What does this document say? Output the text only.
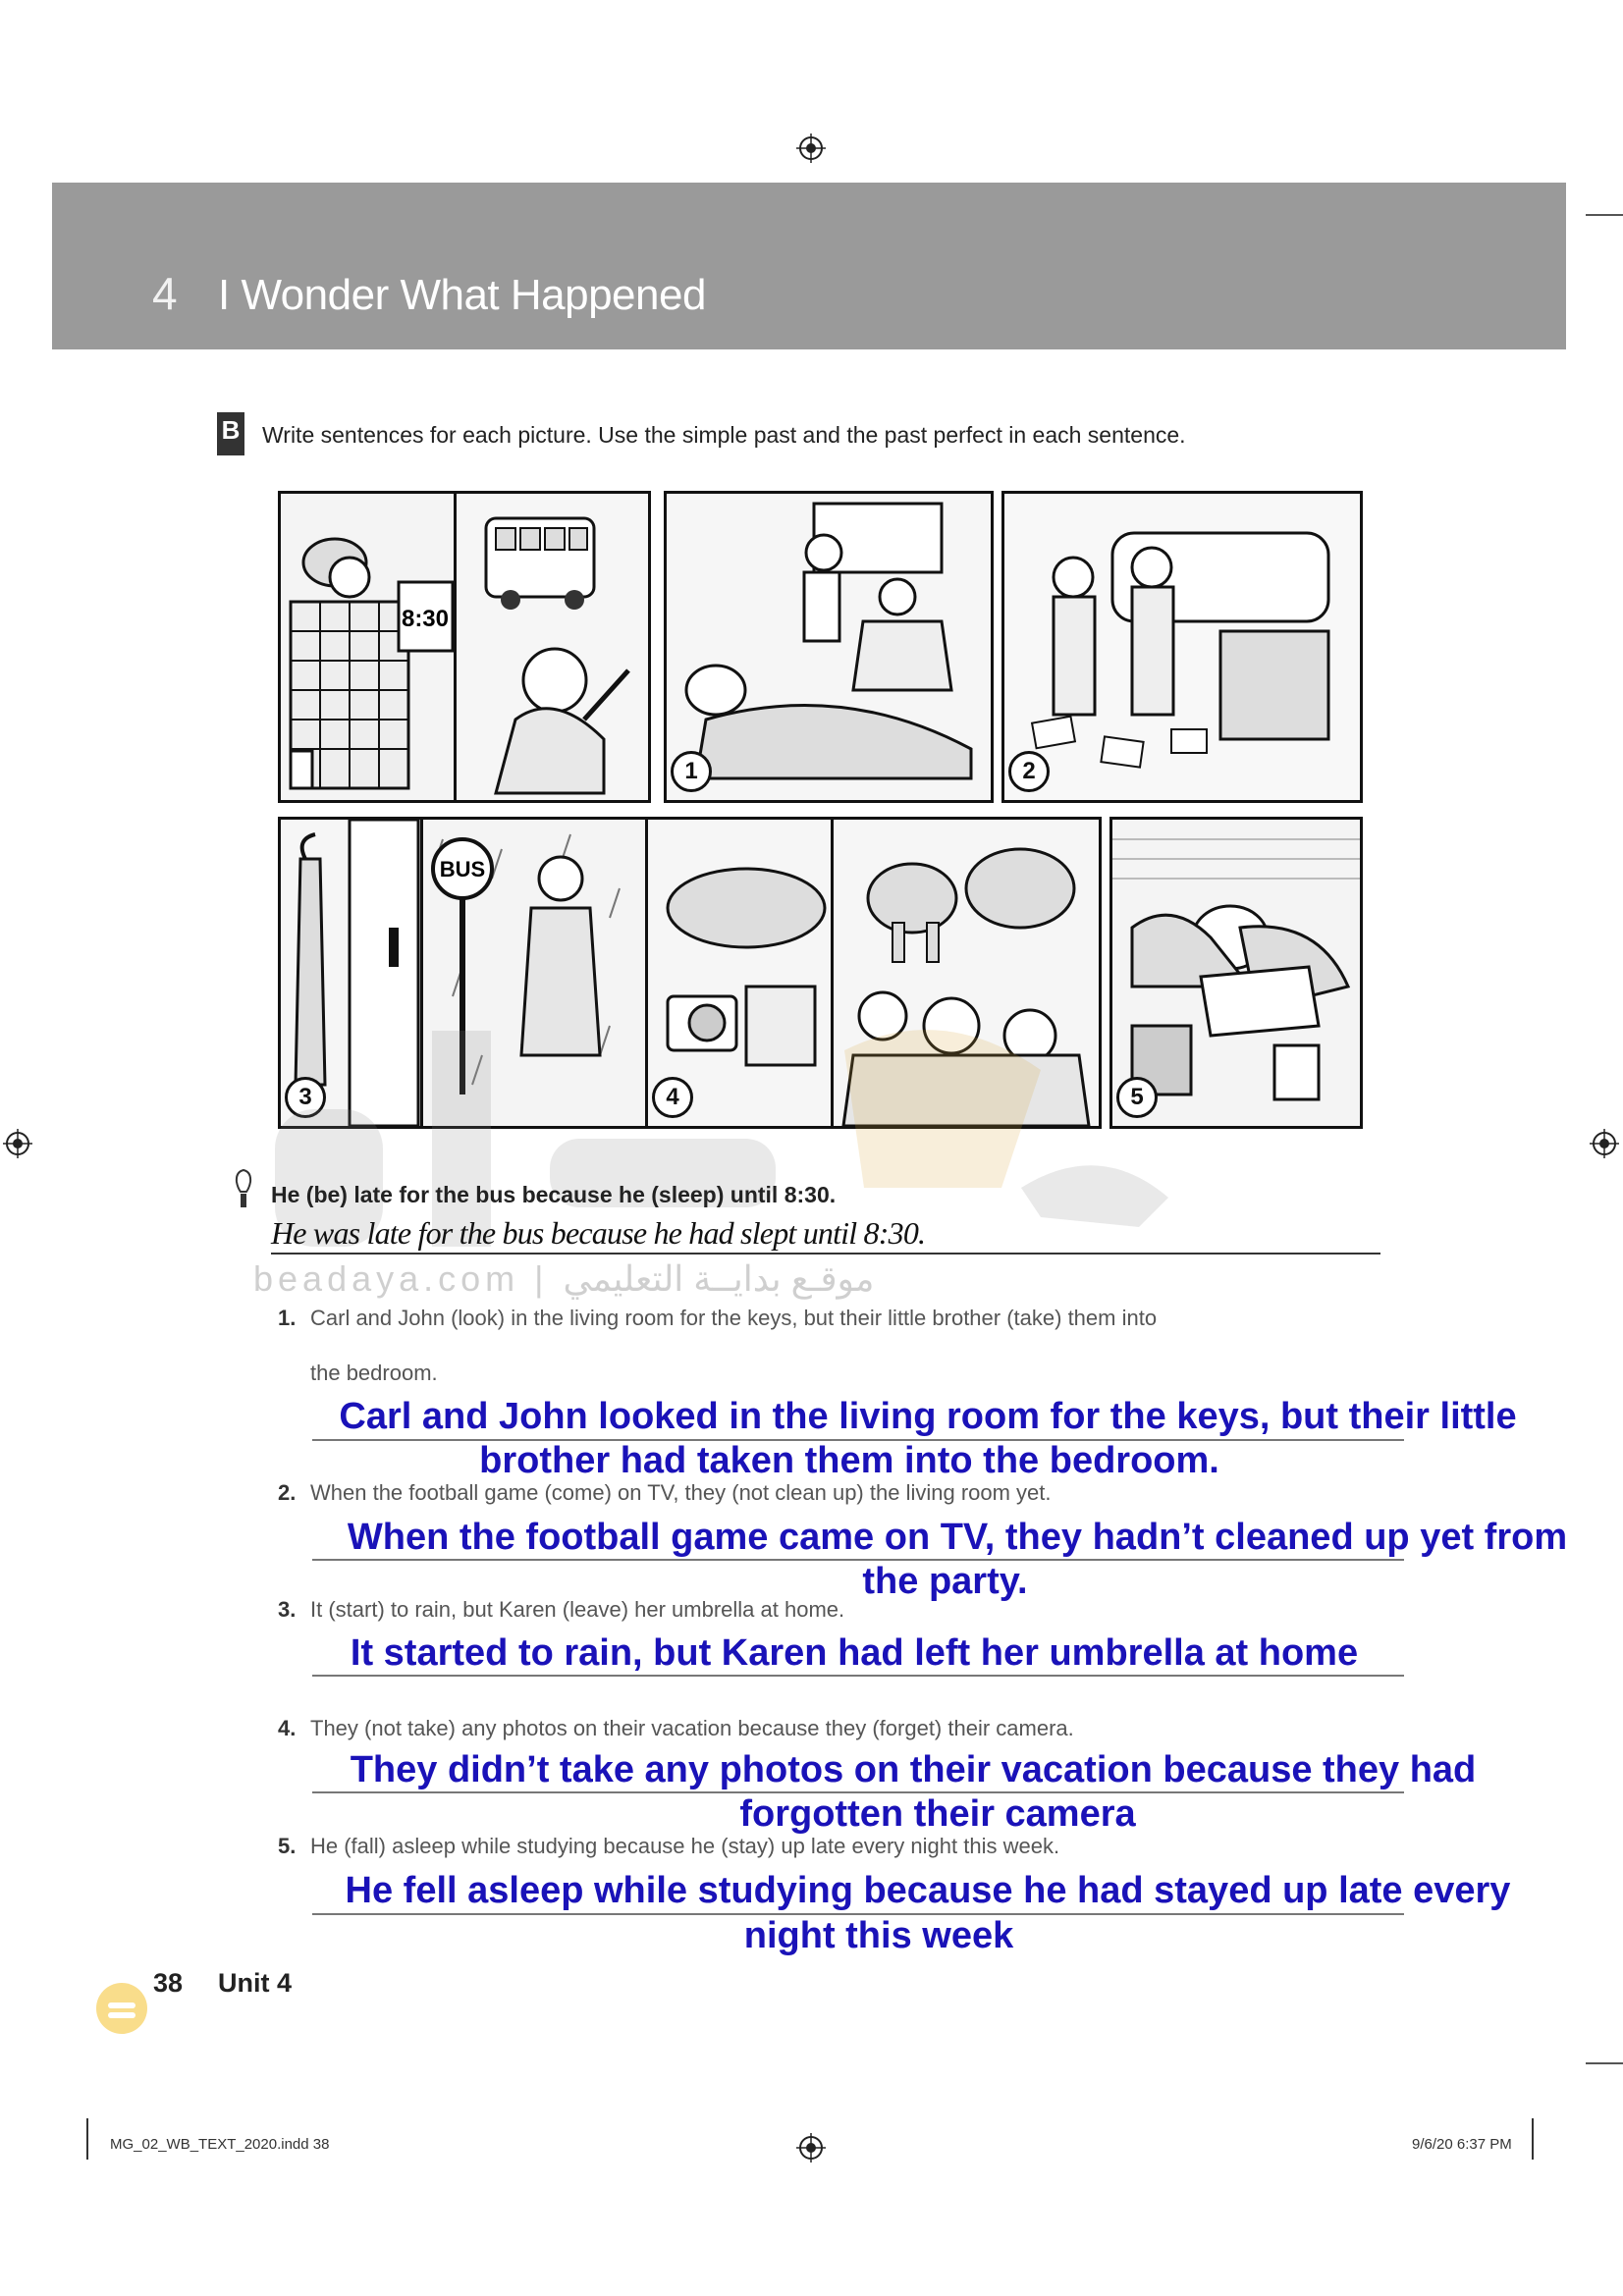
4 I Wonder What Happened
B Write sentences for each picture. Use the simple past and the past perfect in each sentence.
8:30
1	2
3
BUS
4	5
beadaya.com | موقـع بدايــة التعليمي
He (be) late for the bus because he (sleep) until 8:30.
He was late for the bus because he had slept until 8:30.
1. Carl and John (look) in the living room for the keys, but their little brother (take) them into
the bedroom.
Carl and John looked in the living room for the keys, but their little
brother had taken them into the bedroom.
2. When the football game (come) on TV, they (not clean up) the living room yet.
When the football game came on TV, they hadn’t cleaned up yet from
the party.
3. It (start) to rain, but Karen (leave) her umbrella at home.
It started to rain, but Karen had left her umbrella at home
4. They (not take) any photos on their vacation because they (forget) their camera.
They didn’t take any photos on their vacation because they had
forgotten their camera
5. He (fall) asleep while studying because he (stay) up late every night this week.
He fell asleep while studying because he had stayed up late every
night this week
38 Unit 4
MG_02_WB_TEXT_2020.indd 38	9/6/20 6:37 PM
